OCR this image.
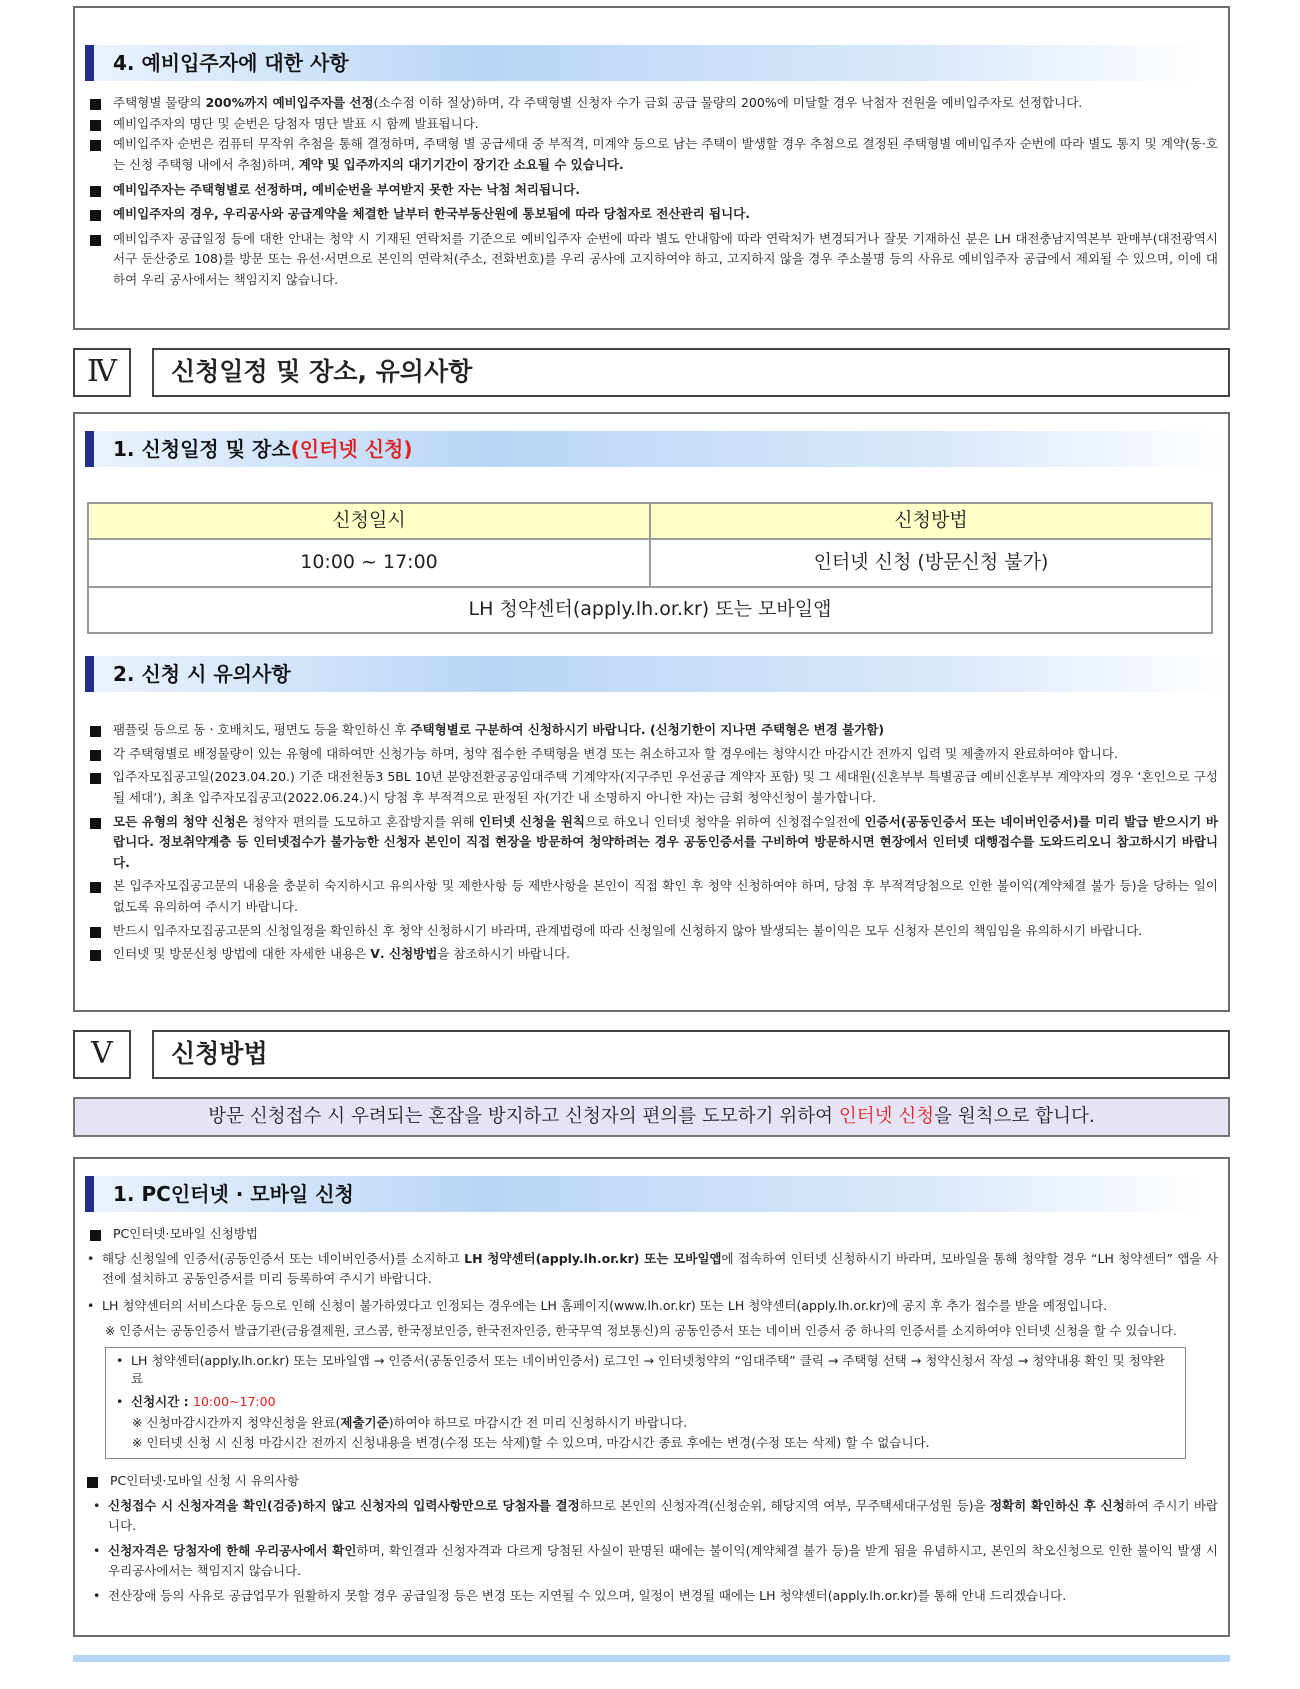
4. 예비입주자에 대한 사항
주택형별 물량의 200%까지 예비입주자를 선정(소수점 이하 절상)하며, 각 주택형별 신청자 수가 금회 공급 물량의 200%에 미달할 경우 낙첨자 전원을 예비입주자로 선정합니다.
예비입주자의 명단 및 순번은 당첨자 명단 발표 시 함께 발표됩니다.
예비입주자 순번은 컴퓨터 무작위 추첨을 통해 결정하며, 주택형 별 공급세대 중 부적격, 미계약 등으로 남는 주택이 발생할 경우 추첨으로 결정된 주택형별 예비입주자 순번에 따라 별도 통지 및 계약(동·호는 신청 주택형 내에서 추첨)하며, 계약 및 입주까지의 대기기간이 장기간 소요될 수 있습니다.
예비입주자는 주택형별로 선정하며, 예비순번을 부여받지 못한 자는 낙첨 처리됩니다.
예비입주자의 경우, 우리공사와 공급계약을 체결한 날부터 한국부동산원에 통보됨에 따라 당첨자로 전산관리 됩니다.
예비입주자 공급일정 등에 대한 안내는 청약 시 기재된 연락처를 기준으로 예비입주자 순번에 따라 별도 안내함에 따라 연락처가 변경되거나 잘못 기재하신 분은 LH 대전충남지역본부 판매부(대전광역시 서구 둔산중로 108)를 방문 또는 유선·서면으로 본인의 연락처(주소, 전화번호)를 우리 공사에 고지하여야 하고, 고지하지 않을 경우 주소불명 등의 사유로 예비입주자 공급에서 제외될 수 있으며, 이에 대하여 우리 공사에서는 책임지지 않습니다.
Ⅳ	신청일정 및 장소, 유의사항
1. 신청일정 및 장소(인터넷 신청)
신청일시	신청방법
10:00 ~ 17:00	인터넷 신청 (방문신청 불가)
LH 청약센터(apply.lh.or.kr) 또는 모바일앱	
2. 신청 시 유의사항
팸플릿 등으로 동ㆍ호배치도, 평면도 등을 확인하신 후 주택형별로 구분하여 신청하시기 바랍니다. (신청기한이 지나면 주택형은 변경 불가함)
각 주택형별로 배정물량이 있는 유형에 대하여만 신청가능 하며, 청약 접수한 주택형을 변경 또는 취소하고자 할 경우에는 청약시간 마감시간 전까지 입력 및 제출까지 완료하여야 합니다.
입주자모집공고일(2023.04.20.) 기준 대전천동3 5BL 10년 분양전환공공임대주택 기계약자(지구주민 우선공급 계약자 포함) 및 그 세대원(신혼부부 특별공급 예비신혼부부 계약자의 경우 ‘혼인으로 구성될 세대’), 최초 입주자모집공고(2022.06.24.)시 당첨 후 부적격으로 판정된 자(기간 내 소명하지 아니한 자)는 금회 청약신청이 불가합니다.
모든 유형의 청약 신청은 청약자 편의를 도모하고 혼잡방지를 위해 인터넷 신청을 원칙으로 하오니 인터넷 청약을 위하여 신청접수일전에 인증서(공동인증서 또는 네이버인증서)를 미리 발급 받으시기 바랍니다. 정보취약계층 등 인터넷접수가 불가능한 신청자 본인이 직접 현장을 방문하여 청약하려는 경우 공동인증서를 구비하여 방문하시면 현장에서 인터넷 대행접수를 도와드리오니 참고하시기 바랍니다.
본 입주자모집공고문의 내용을 충분히 숙지하시고 유의사항 및 제한사항 등 제반사항을 본인이 직접 확인 후 청약 신청하여야 하며, 당첨 후 부적격당첨으로 인한 불이익(계약체결 불가 등)을 당하는 일이 없도록 유의하여 주시기 바랍니다.
반드시 입주자모집공고문의 신청일정을 확인하신 후 청약 신청하시기 바라며, 관계법령에 따라 신청일에 신청하지 않아 발생되는 불이익은 모두 신청자 본인의 책임임을 유의하시기 바랍니다.
인터넷 및 방문신청 방법에 대한 자세한 내용은 Ⅴ. 신청방법을 참조하시기 바랍니다.
Ⅴ	신청방법
방문 신청접수 시 우려되는 혼잡을 방지하고 신청자의 편의를 도모하기 위하여 인터넷 신청을 원칙으로 합니다.
1. PC인터넷 · 모바일 신청
PC인터넷·모바일 신청방법
• 해당 신청일에 인증서(공동인증서 또는 네이버인증서)를 소지하고 LH 청약센터(apply.lh.or.kr) 또는 모바일앱에 접속하여 인터넷 신청하시기 바라며, 모바일을 통해 청약할 경우 “LH 청약센터” 앱을 사전에 설치하고 공동인증서를 미리 등록하여 주시기 바랍니다.
• LH 청약센터의 서비스다운 등으로 인해 신청이 불가하였다고 인정되는 경우에는 LH 홈페이지(www.lh.or.kr) 또는 LH 청약센터(apply.lh.or.kr)에 공지 후 추가 접수를 받을 예정입니다.
※ 인증서는 공동인증서 발급기관(금융결제원, 코스콤, 한국정보인증, 한국전자인증, 한국무역 정보통신)의 공동인증서 또는 네이버 인증서 중 하나의 인증서를 소지하여야 인터넷 신청을 할 수 있습니다.
• LH 청약센터(apply.lh.or.kr) 또는 모바일앱 → 인증서(공동인증서 또는 네이버인증서) 로그인 → 인터넷청약의 “임대주택” 클릭 → 주택형 선택 → 청약신청서 작성 → 청약내용 확인 및 청약완료
• 신청시간 : 10:00~17:00
※ 신청마감시간까지 청약신청을 완료(제출기준)하여야 하므로 마감시간 전 미리 신청하시기 바랍니다.
※ 인터넷 신청 시 신청 마감시간 전까지 신청내용을 변경(수정 또는 삭제)할 수 있으며, 마감시간 종료 후에는 변경(수정 또는 삭제) 할 수 없습니다.
PC인터넷·모바일 신청 시 유의사항
• 신청접수 시 신청자격을 확인(검증)하지 않고 신청자의 입력사항만으로 당첨자를 결정하므로 본인의 신청자격(신청순위, 해당지역 여부, 무주택세대구성원 등)을 정확히 확인하신 후 신청하여 주시기 바랍니다.
• 신청자격은 당첨자에 한해 우리공사에서 확인하며, 확인결과 신청자격과 다르게 당첨된 사실이 판명된 때에는 불이익(계약체결 불가 등)을 받게 됨을 유념하시고, 본인의 착오신청으로 인한 불이익 발생 시 우리공사에서는 책임지지 않습니다.
• 전산장애 등의 사유로 공급업무가 원활하지 못할 경우 공급일정 등은 변경 또는 지연될 수 있으며, 일정이 변경될 때에는 LH 청약센터(apply.lh.or.kr)를 통해 안내 드리겠습니다.
